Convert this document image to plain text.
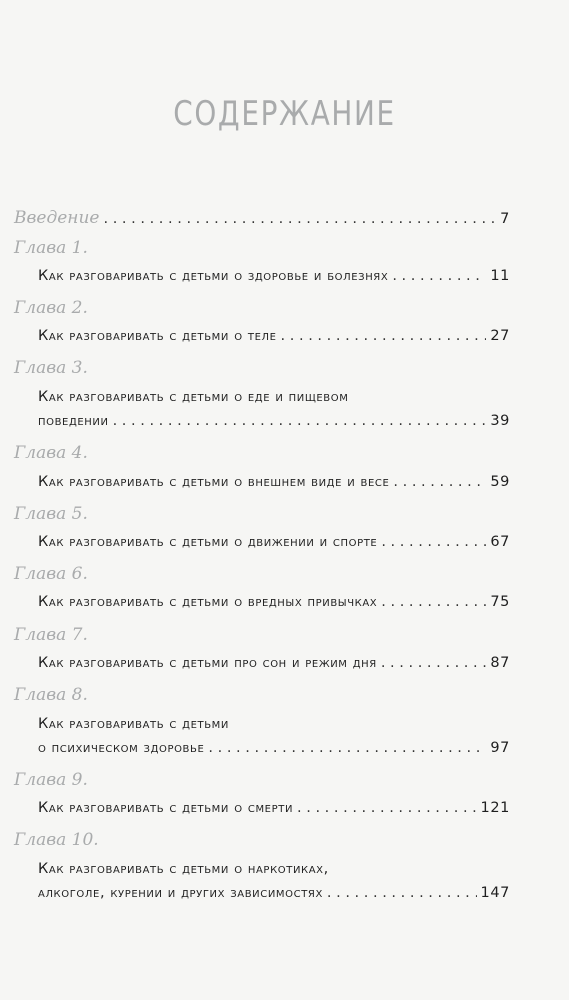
СОДЕРЖАНИЕ
Введение . . .	7
Глава 1.
Как разговаривать с детьми о здоровье и болезнях . . .	11
Глава 2.
Как разговаривать с детьми о теле . . .	27
Глава 3.
Как разговаривать с детьми о еде и пищевом
поведении . . .	39
Глава 4.
Как разговаривать с детьми о внешнем виде и весе . . .	59
Глава 5.
Как разговаривать с детьми о движении и спорте . . .	67
Глава 6.
Как разговаривать с детьми о вредных привычках . . .	75
Глава 7.
Как разговаривать с детьми про сон и режим дня . . .	87
Глава 8.
Как разговаривать с детьми
о психическом здоровье . . .	97
Глава 9.
Как разговаривать с детьми о смерти . . .	121
Глава 10.
Как разговаривать с детьми о наркотиках,
алкоголе, курении и других зависимостях . . .	147
